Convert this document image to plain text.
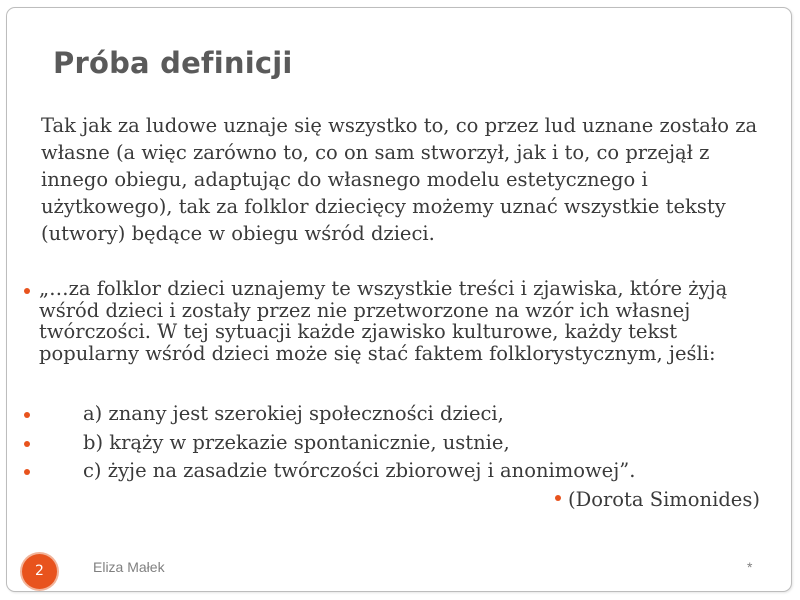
Próba definicji
Tak jak za ludowe uznaje się wszystko to, co przez lud uznane zostało za własne (a więc zarówno to, co on sam stworzył, jak i to, co przejął z innego obiegu, adaptując do własnego modelu estetycznego i użytkowego), tak za folklor dziecięcy możemy uznać wszystkie teksty (utwory) będące w obiegu wśród dzieci.
„…za folklor dzieci uznajemy te wszystkie treści i zjawiska, które żyją wśród dzieci i zostały przez nie przetworzone na wzór ich własnej twórczości. W tej sytuacji każde zjawisko kulturowe, każdy tekst popularny wśród dzieci może się stać faktem folklorystycznym, jeśli:
a) znany jest szerokiej społeczności dzieci,
b) krąży w przekazie spontanicznie, ustnie,
c) żyje na zasadzie twórczości zbiorowej i anonimowej”.
(Dorota Simonides)
2	Eliza Małek	*
